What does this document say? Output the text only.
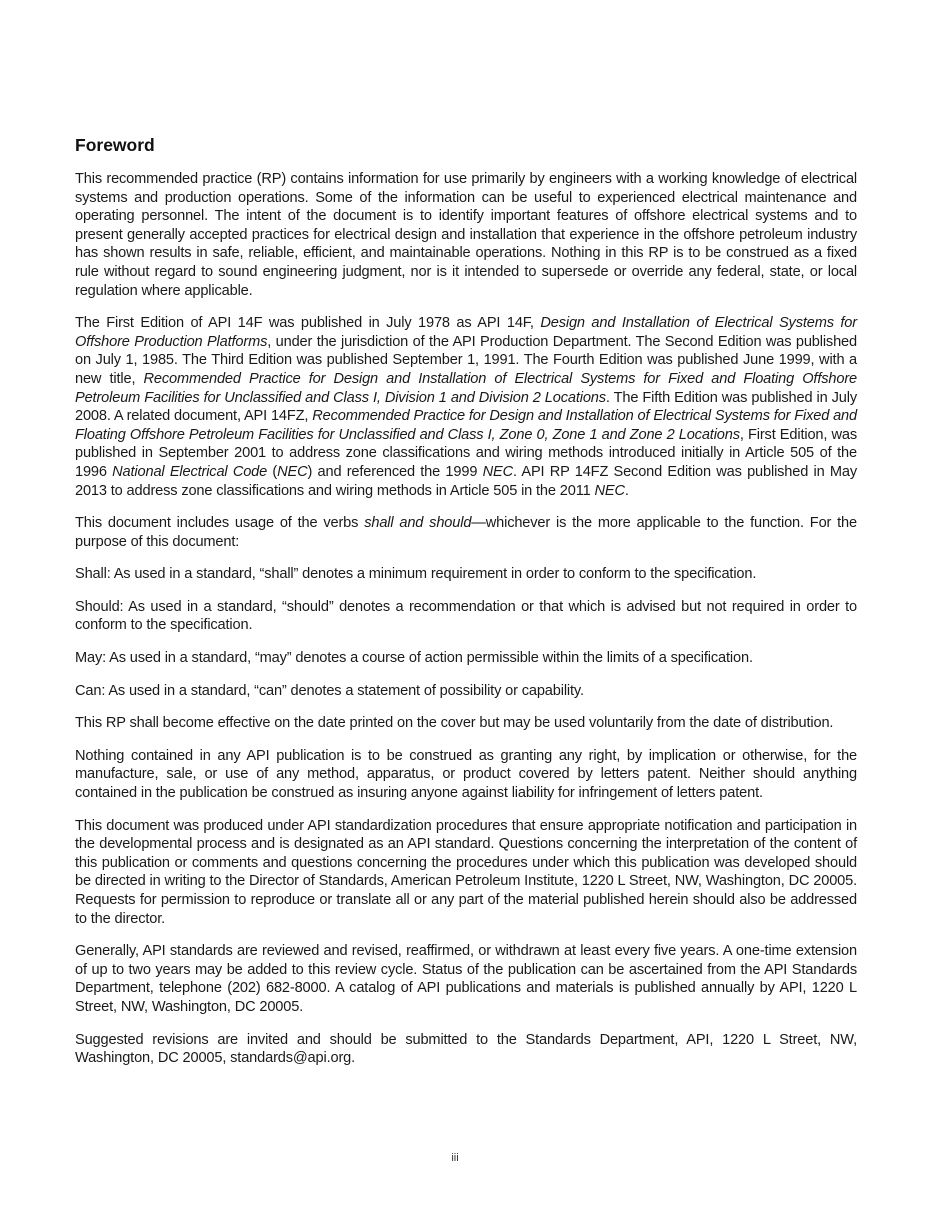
Foreword

This recommended practice (RP) contains information for use primarily by engineers with a working knowledge of electrical systems and production operations. Some of the information can be useful to experienced electrical maintenance and operating personnel. The intent of the document is to identify important features of offshore electrical systems and to present generally accepted practices for electrical design and installation that experience in the offshore petroleum industry has shown results in safe, reliable, efficient, and maintainable operations. Nothing in this RP is to be construed as a fixed rule without regard to sound engineering judgment, nor is it intended to supersede or override any federal, state, or local regulation where applicable.

The First Edition of API 14F was published in July 1978 as API 14F, Design and Installation of Electrical Systems for Offshore Production Platforms, under the jurisdiction of the API Production Department. The Second Edition was published on July 1, 1985. The Third Edition was published September 1, 1991. The Fourth Edition was published June 1999, with a new title, Recommended Practice for Design and Installation of Electrical Systems for Fixed and Floating Offshore Petroleum Facilities for Unclassified and Class I, Division 1 and Division 2 Locations. The Fifth Edition was published in July 2008. A related document, API 14FZ, Recommended Practice for Design and Installation of Electrical Systems for Fixed and Floating Offshore Petroleum Facilities for Unclassified and Class I, Zone 0, Zone 1 and Zone 2 Locations, First Edition, was published in September 2001 to address zone classifications and wiring methods introduced initially in Article 505 of the 1996 National Electrical Code (NEC) and referenced the 1999 NEC. API RP 14FZ Second Edition was published in May 2013 to address zone classifications and wiring methods in Article 505 in the 2011 NEC.

This document includes usage of the verbs shall and should—whichever is the more applicable to the function. For the purpose of this document:

Shall: As used in a standard, “shall” denotes a minimum requirement in order to conform to the specification.

Should: As used in a standard, “should” denotes a recommendation or that which is advised but not required in order to conform to the specification.

May: As used in a standard, “may” denotes a course of action permissible within the limits of a specification.

Can: As used in a standard, “can” denotes a statement of possibility or capability.

This RP shall become effective on the date printed on the cover but may be used voluntarily from the date of distribution.

Nothing contained in any API publication is to be construed as granting any right, by implication or otherwise, for the manufacture, sale, or use of any method, apparatus, or product covered by letters patent. Neither should anything contained in the publication be construed as insuring anyone against liability for infringement of letters patent.

This document was produced under API standardization procedures that ensure appropriate notification and participation in the developmental process and is designated as an API standard. Questions concerning the interpretation of the content of this publication or comments and questions concerning the procedures under which this publication was developed should be directed in writing to the Director of Standards, American Petroleum Institute, 1220 L Street, NW, Washington, DC 20005. Requests for permission to reproduce or translate all or any part of the material published herein should also be addressed to the director.

Generally, API standards are reviewed and revised, reaffirmed, or withdrawn at least every five years. A one-time extension of up to two years may be added to this review cycle. Status of the publication can be ascertained from the API Standards Department, telephone (202) 682-8000. A catalog of API publications and materials is published annually by API, 1220 L Street, NW, Washington, DC 20005.

Suggested revisions are invited and should be submitted to the Standards Department, API, 1220 L Street, NW, Washington, DC 20005, standards@api.org.

iii
